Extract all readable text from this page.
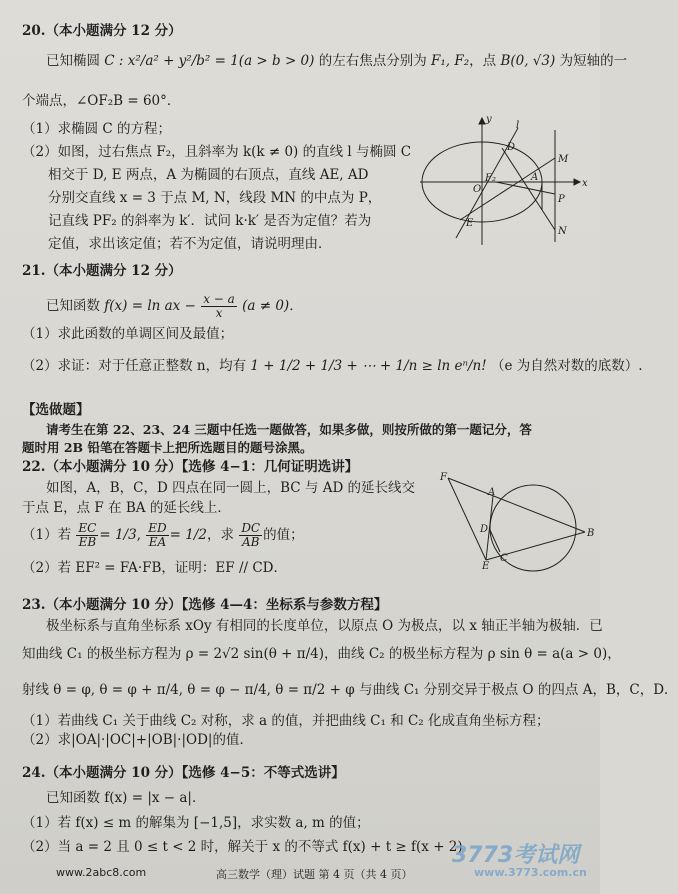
20.（本小题满分 12 分）
已知椭圆 C : x²/a² + y²/b² = 1(a > b > 0) 的左右焦点分别为 F₁, F₂，点 B(0, √3) 为短轴的一
个端点，∠OF₂B = 60°．
（1）求椭圆 C 的方程；
（2）如图，过右焦点 F₂，且斜率为 k(k ≠ 0) 的直线 l 与椭圆 C
相交于 D, E 两点，A 为椭圆的右顶点，直线 AE, AD
分别交直线 x = 3 于点 M, N，线段 MN 的中点为 P，
记直线 PF₂ 的斜率为 k′．试问 k·k′ 是否为定值？若为
定值，求出该定值；若不为定值，请说明理由．
y
l
D
M
O
F₂	A
x
P
E
N
21.（本小题满分 12 分）
已知函数 f(x) = ln ax − $\frac{x - a}{x} (a \ne 0)$．
（1）求此函数的单调区间及最值；
（2）求证：对于任意正整数 n，均有 1 + 1/2 + 1/3 + ⋯ + 1/n ≥ ln eⁿ/n! （e 为自然对数的底数）.
【选做题】
请考生在第 22、23、24 三题中任选一题做答，如果多做，则按所做的第一题记分，答
题时用 2B 铅笔在答题卡上把所选题目的题号涂黑。
22.（本小题满分 10 分）【选修 4−1：几何证明选讲】
如图，A，B，C，D 四点在同一圆上，BC 与 AD 的延长线交
于点 E，点 F 在 BA 的延长线上．
（1）若 $\frac{EC}{EB} = 1/3$, $\frac{ED}{EA} = 1/2$，求 $\frac{DC}{AB}$ 的值；
（2）若 EF² = FA·FB，证明：EF // CD．
F
A
D	B
E
C
23.（本小题满分 10 分）【选修 4—4：坐标系与参数方程】
极坐标系与直角坐标系 xOy 有相同的长度单位，以原点 O 为极点，以 x 轴正半轴为极轴．已
知曲线 C₁ 的极坐标方程为 ρ = 2√2 sin(θ + π/4)，曲线 C₂ 的极坐标方程为 ρ sin θ = a(a > 0)，
射线 θ = φ, θ = φ + π/4, θ = φ − π/4, θ = π/2 + φ 与曲线 C₁ 分别交异于极点 O 的四点 A，B，C，D．
（1）若曲线 C₁ 关于曲线 C₂ 对称，求 a 的值，并把曲线 C₁ 和 C₂ 化成直角坐标方程；
（2）求|OA|·|OC|+|OB|·|OD|的值．
24.（本小题满分 10 分）【选修 4−5：不等式选讲】
已知函数 f(x) = |x − a|．
（1）若 f(x) ≤ m 的解集为 [−1,5]，求实数 a, m 的值；
（2）当 a = 2 且 0 ≤ t < 2 时，解关于 x 的不等式 f(x) + t ≥ f(x + 2)
www.2abc8.com	高三数学（理）试题 第 4 页（共 4 页）
3773考试网
www.3773.com.cn
